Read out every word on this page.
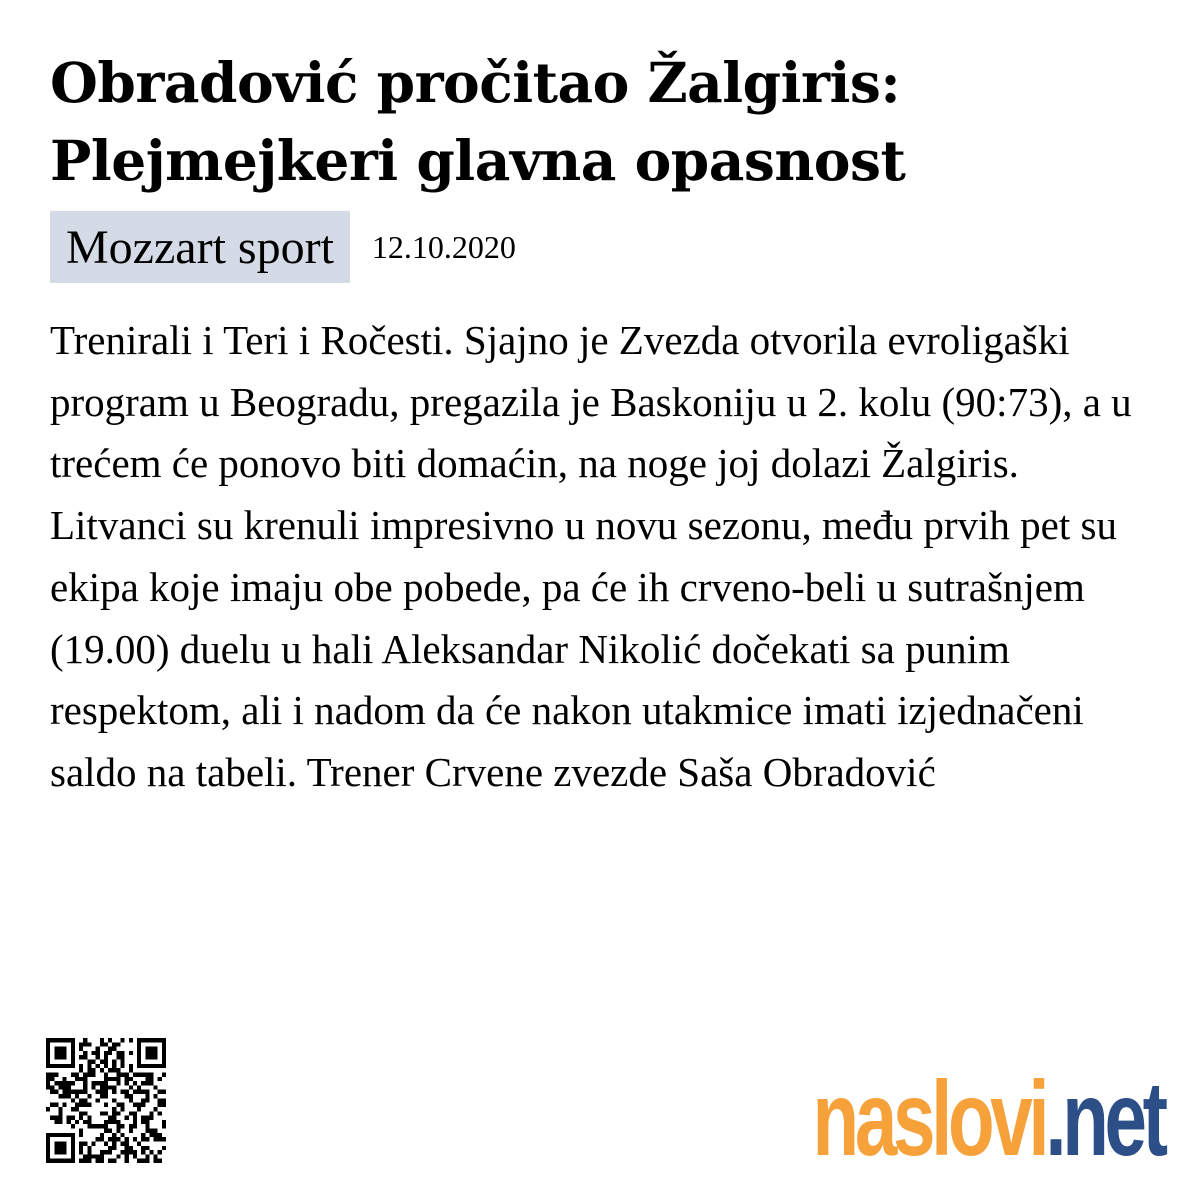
Obradović pročitao Žalgiris:
Plejmejkeri glavna opasnost
Mozzart sport	12.10.2020

Trenirali i Teri i Ročesti. Sjajno je Zvezda otvorila evroligaški program u Beogradu, pregazila je Baskoniju u 2. kolu (90:73), a u trećem će ponovo biti domaćin, na noge joj dolazi Žalgiris. Litvanci su krenuli impresivno u novu sezonu, među prvih pet su ekipa koje imaju obe pobede, pa će ih crveno-beli u sutrašnjem (19.00) duelu u hali Aleksandar Nikolić dočekati sa punim respektom, ali i nadom da će nakon utakmice imati izjednačeni saldo na tabeli. Trener Crvene zvezde Saša Obradović

naslovi . net
